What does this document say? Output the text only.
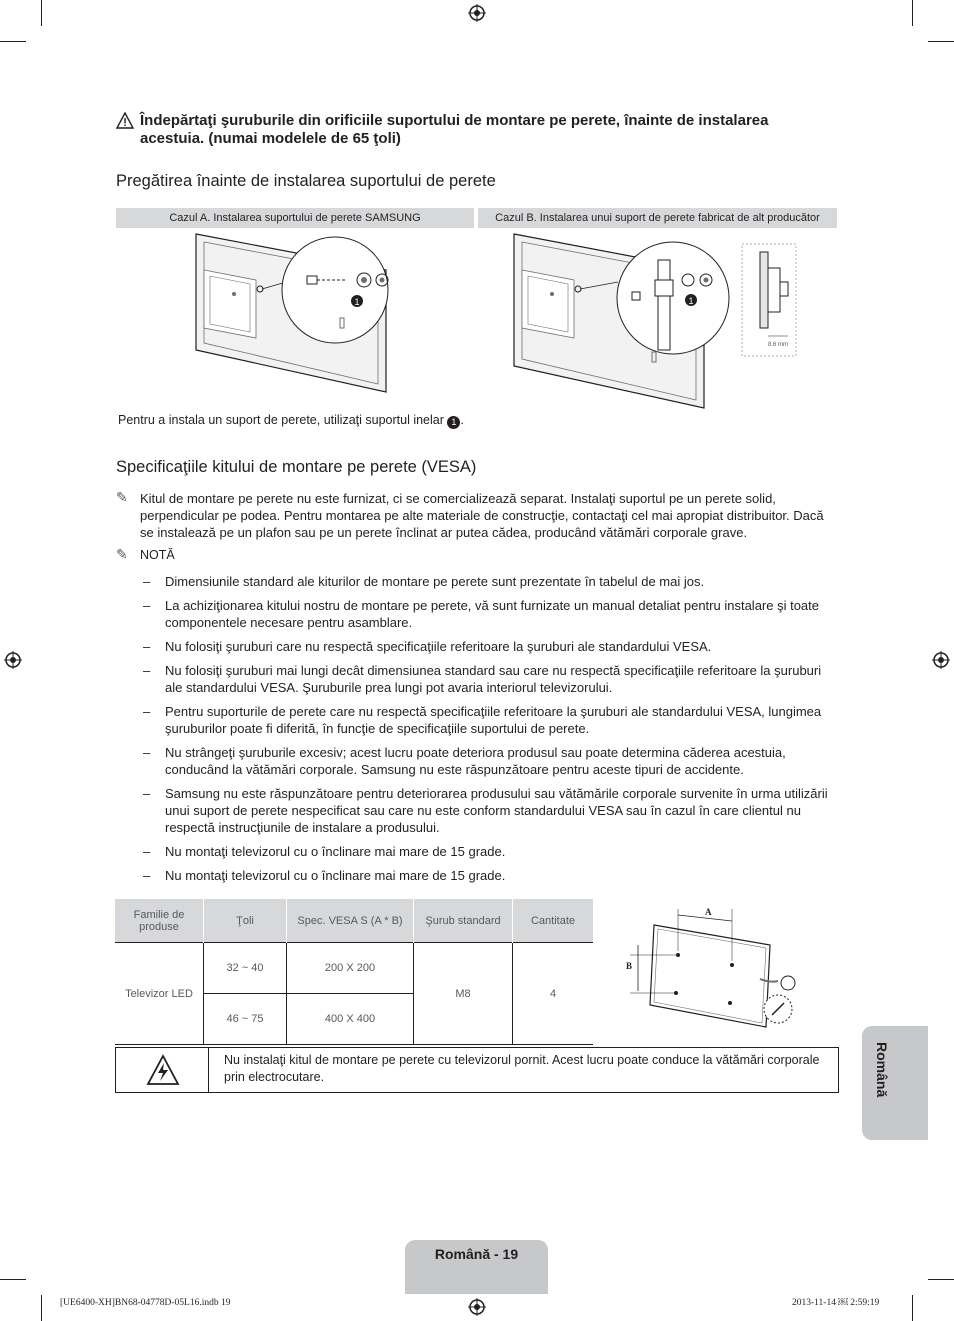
Îndepărtaţi şuruburile din orificiile suportului de montare pe perete, înainte de instalarea acestuia. (numai modelele de 65 ţoli)
Pregătirea înainte de instalarea suportului de perete
Cazul A. Instalarea suportului de perete SAMSUNG	Cazul B. Instalarea unui suport de perete fabricat de alt producător
1	1
8.6 mm
Pentru a instala un suport de perete, utilizaţi suportul inelar 1 .
Specificaţiile kitului de montare pe perete (VESA)
✎ Kitul de montare pe perete nu este furnizat, ci se comercializează separat. Instalaţi suportul pe un perete solid, perpendicular pe podea. Pentru montarea pe alte materiale de construcţie, contactaţi cel mai apropiat distribuitor. Dacă se instalează pe un plafon sau pe un perete înclinat ar putea cădea, producând vătămări corporale grave.
✎ NOTĂ
– Dimensiunile standard ale kiturilor de montare pe perete sunt prezentate în tabelul de mai jos.
– La achiziţionarea kitului nostru de montare pe perete, vă sunt furnizate un manual detaliat pentru instalare şi toate componentele necesare pentru asamblare.
– Nu folosiţi şuruburi care nu respectă specificaţiile referitoare la şuruburi ale standardului VESA.
– Nu folosiţi şuruburi mai lungi decât dimensiunea standard sau care nu respectă specificaţiile referitoare la şuruburi ale standardului VESA. Şuruburile prea lungi pot avaria interiorul televizorului.
– Pentru suporturile de perete care nu respectă specificaţiile referitoare la şuruburi ale standardului VESA, lungimea şuruburilor poate fi diferită, în funcţie de specificaţiile suportului de perete.
– Nu strângeţi şuruburile excesiv; acest lucru poate deteriora produsul sau poate determina căderea acestuia, conducând la vătămări corporale. Samsung nu este răspunzătoare pentru aceste tipuri de accidente.
– Samsung nu este răspunzătoare pentru deteriorarea produsului sau vătămările corporale survenite în urma utilizării unui suport de perete nespecificat sau care nu este conform standardului VESA sau în cazul în care clientul nu respectă instrucţiunile de instalare a produsului.
– Nu montaţi televizorul cu o înclinare mai mare de 15 grade.
– Nu montaţi televizorul cu o înclinare mai mare de 15 grade.
Familie de produse	Ţoli	Spec. VESA S (A * B)	Şurub standard	Cantitate
Televizor LED	32 ~ 40	200 X 200	M8	4
	46 ~ 75	400 X 400		
A
B
Nu instalaţi kitul de montare pe perete cu televizorul pornit. Acest lucru poate conduce la vătămări corporale prin electrocutare.	Română
Română - 19
[UE6400-XH]BN68-04778D-05L16.indb 19	2013-11-14 ￼ 2:59:19
